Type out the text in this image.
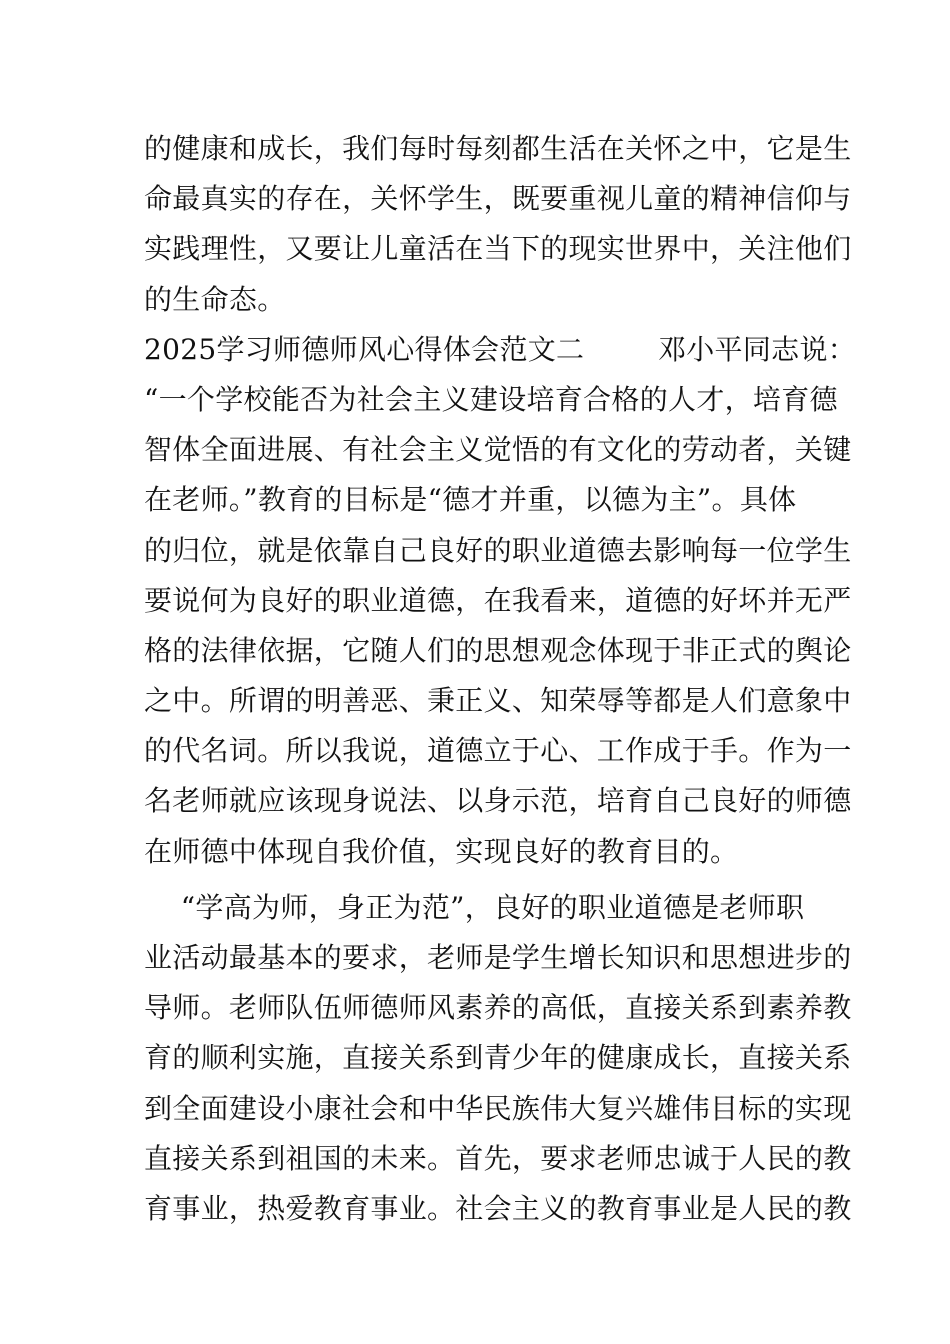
的健康和成长，我们每时每刻都生活在关怀之中，它是生
命最真实的存在，关怀学生，既要重视儿童的精神信仰与
实践理性，又要让儿童活在当下的现实世界中，关注他们
的生命态。
2025学习师德师风心得体会范文二        邓小平同志说：
“一个学校能否为社会主义建设培育合格的人才，培育德
智体全面进展、有社会主义觉悟的有文化的劳动者，关键
在老师。”教育的目标是“德才并重，以德为主”。具体
的归位，就是依靠自己良好的职业道德去影响每一位学生
要说何为良好的职业道德，在我看来，道德的好坏并无严
格的法律依据，它随人们的思想观念体现于非正式的舆论
之中。所谓的明善恶、秉正义、知荣辱等都是人们意象中
的代名词。所以我说，道德立于心、工作成于手。作为一
名老师就应该现身说法、以身示范，培育自己良好的师德
在师德中体现自我价值，实现良好的教育目的。
“学高为师，身正为范”，良好的职业道德是老师职
业活动最基本的要求，老师是学生增长知识和思想进步的
导师。老师队伍师德师风素养的高低，直接关系到素养教
育的顺利实施，直接关系到青少年的健康成长，直接关系
到全面建设小康社会和中华民族伟大复兴雄伟目标的实现
直接关系到祖国的未来。首先，要求老师忠诚于人民的教
育事业，热爱教育事业。社会主义的教育事业是人民的教
